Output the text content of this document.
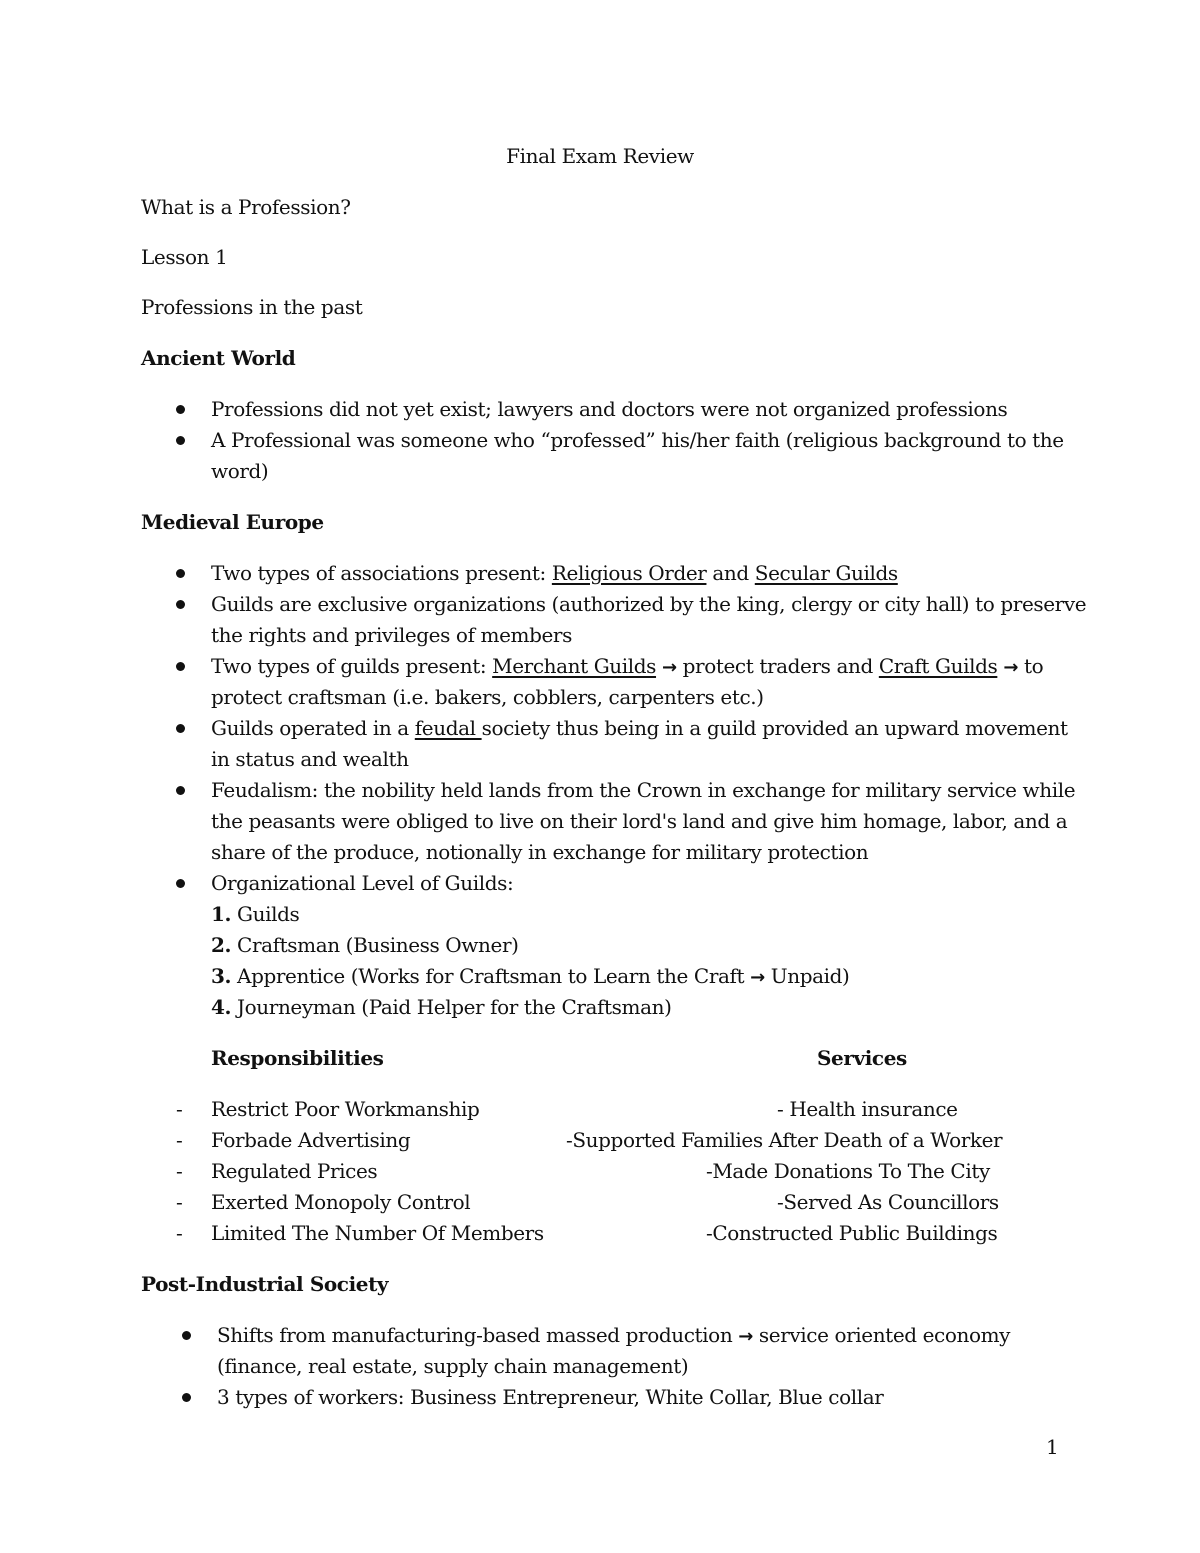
Final Exam Review
What is a Profession?
Lesson 1
Professions in the past
Ancient World
Professions did not yet exist; lawyers and doctors were not organized professions
A Professional was someone who “professed” his/her faith (religious background to the
word)
Medieval Europe
Two types of associations present: Religious Order and Secular Guilds
Guilds are exclusive organizations (authorized by the king, clergy or city hall) to preserve
the rights and privileges of members
Two types of guilds present: Merchant Guilds → protect traders and Craft Guilds → to
protect craftsman (i.e. bakers, cobblers, carpenters etc.)
Guilds operated in a feudal society thus being in a guild provided an upward movement
in status and wealth
Feudalism: the nobility held lands from the Crown in exchange for military service while
the peasants were obliged to live on their lord's land and give him homage, labor, and a
share of the produce, notionally in exchange for military protection
Organizational Level of Guilds:
1. Guilds
2. Craftsman (Business Owner)
3. Apprentice (Works for Craftsman to Learn the Craft → Unpaid)
4. Journeyman (Paid Helper for the Craftsman)
Responsibilities	Services
- Restrict Poor Workmanship	- Health insurance
- Forbade Advertising	-Supported Families After Death of a Worker
- Regulated Prices	-Made Donations To The City
- Exerted Monopoly Control	-Served As Councillors
- Limited The Number Of Members	-Constructed Public Buildings
Post-Industrial Society
Shifts from manufacturing-based massed production → service oriented economy
(finance, real estate, supply chain management)
3 types of workers: Business Entrepreneur, White Collar, Blue collar
1
